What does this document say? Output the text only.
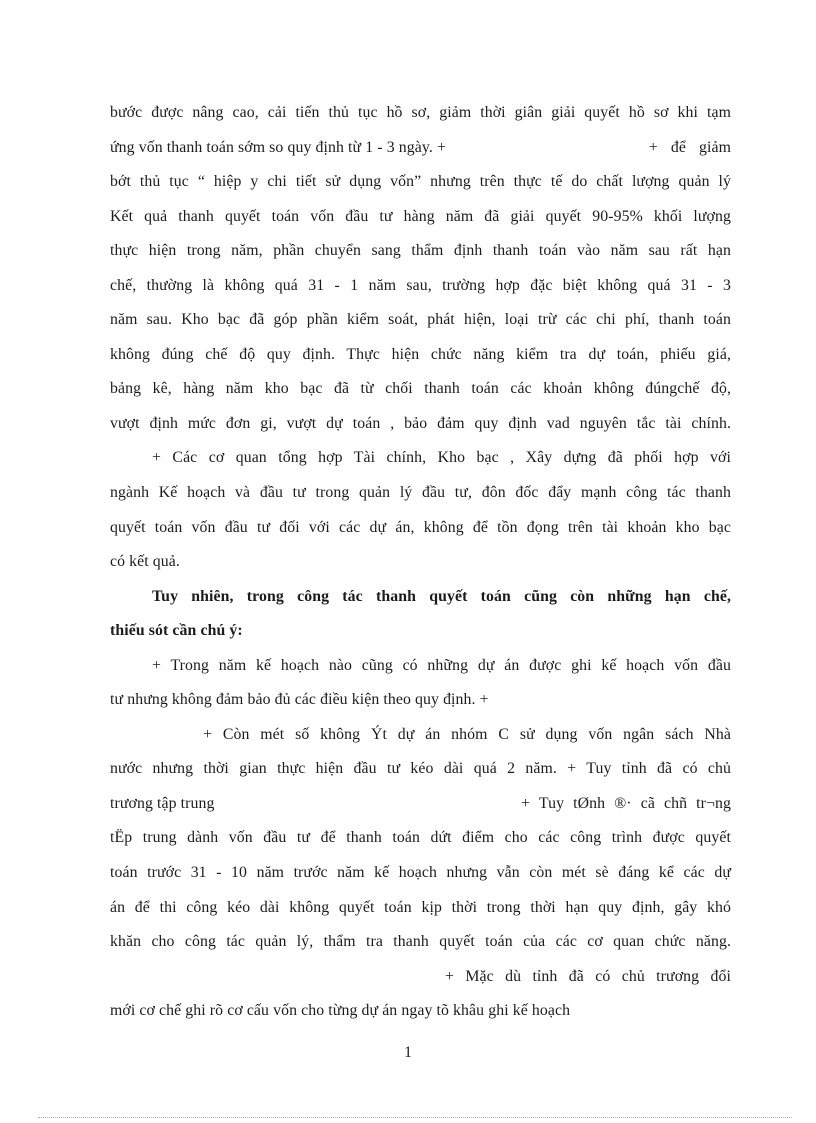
bước được nâng cao, cải tiến thủ tục hồ sơ, giảm thời giân giải quyết hồ sơ khi tạm
ứng vốn thanh toán sớm so quy định từ 1 - 3 ngày. +	+ để giảm
bớt thủ tục “ hiệp y chi tiết sử dụng vốn” nhưng trên thực tế do chất lượng quản lý
Kết quả thanh quyết toán vốn đầu tư hàng năm đã giải quyết 90-95% khối lượng
thực hiện trong năm, phần chuyển sang thẩm định thanh toán vào năm sau rất hạn
chế, thường là không quá 31 - 1 năm sau, trường hợp đặc biệt không quá 31 - 3
năm sau. Kho bạc đã góp phần kiểm soát, phát hiện, loại trừ các chi phí, thanh toán
không đúng chế độ quy định. Thực hiện chức năng kiểm tra dự toán, phiếu giá,
bảng kê, hàng năm kho bạc đã từ chối thanh toán các khoản không đúngchế độ,
vượt định mức đơn gi, vượt dự toán , bảo đảm quy định vad nguyên tắc tài chính.
+ Các cơ quan tổng hợp Tài chính, Kho bạc , Xây dựng đã phối hợp với
ngành Kế hoạch và đầu tư trong quản lý đầu tư, đôn đốc đẩy mạnh công tác thanh
quyết toán vốn đầu tư đối với các dự án, không để tồn đọng trên tài khoản kho bạc
có kết quả.
Tuy nhiên, trong công tác thanh quyết toán cũng còn những hạn chế,
thiếu sót cần chú ý:
+ Trong năm kế hoạch nào cũng có những dự án được ghi kế hoạch vốn đầu
tư nhưng không đảm bảo đủ các điều kiện theo quy định. +
+ Còn mét số không Ýt dự án nhóm C sử dụng vốn ngân sách Nhà
nước nhưng thời gian thực hiện đầu tư kéo dài quá 2 năm. + Tuy tỉnh đã có chủ
trương tập trung	+ Tuy tØnh ®· cã chñ tr¬ng
tËp trung dành vốn đầu tư để thanh toán dứt điểm cho các công trình được quyết
toán trước 31 - 10 năm trước năm kế hoạch nhưng vẫn còn mét sè đáng kể các dự
án để thi công kéo dài không quyết toán kịp thời trong thời hạn quy định, gây khó
khăn cho công tác quản lý, thẩm tra thanh quyết toán của các cơ quan chức năng.
+ Mặc dù tỉnh đã có chủ trương đổi
mới cơ chế ghi rõ cơ cấu vốn cho từng dự án ngay tõ khâu ghi kế hoạch
1
